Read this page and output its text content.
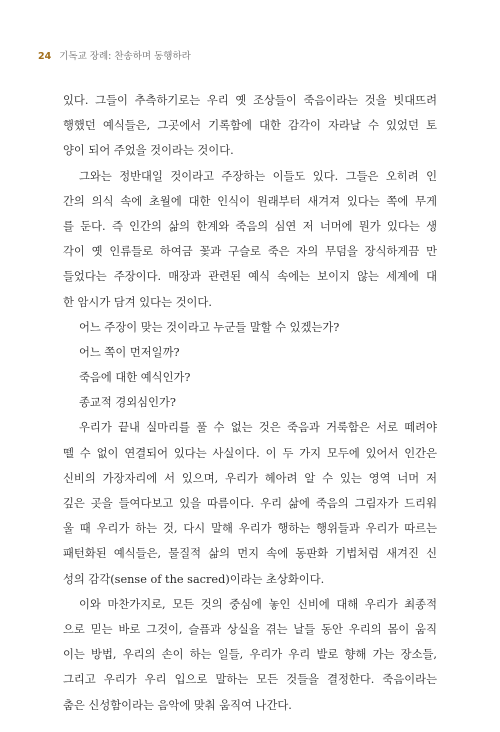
24 기독교 장례: 찬송하며 동행하라
있다. 그들이 추측하기로는 우리 옛 조상들이 죽음이라는 것을 빗대뜨려
행했던 예식들은, 그곳에서 기록함에 대한 감각이 자라날 수 있었던 토
양이 되어 주었을 것이라는 것이다.
그와는 정반대일 것이라고 주장하는 이들도 있다. 그들은 오히려 인
간의 의식 속에 초월에 대한 인식이 원래부터 새겨져 있다는 쪽에 무게
를 둔다. 즉 인간의 삶의 한계와 죽음의 심연 저 너머에 뭔가 있다는 생
각이 옛 인류들로 하여금 꽃과 구슬로 죽은 자의 무덤을 장식하게끔 만
들었다는 주장이다. 매장과 관련된 예식 속에는 보이지 않는 세계에 대
한 암시가 담겨 있다는 것이다.
어느 주장이 맞는 것이라고 누군들 말할 수 있겠는가?
어느 쪽이 먼저일까?
죽음에 대한 예식인가?
종교적 경외심인가?
우리가 끝내 실마리를 풀 수 없는 것은 죽음과 거룩함은 서로 떼려야
뗄 수 없이 연결되어 있다는 사실이다. 이 두 가지 모두에 있어서 인간은
신비의 가장자리에 서 있으며, 우리가 헤아려 알 수 있는 영역 너머 저
깊은 곳을 들여다보고 있을 따름이다. 우리 삶에 죽음의 그림자가 드리워
울 때 우리가 하는 것, 다시 말해 우리가 행하는 행위들과 우리가 따르는
패턴화된 예식들은, 물질적 삶의 먼지 속에 동판화 기법처럼 새겨진 신
성의 감각(sense of the sacred)이라는 초상화이다.
이와 마찬가지로, 모든 것의 중심에 놓인 신비에 대해 우리가 최종적
으로 믿는 바로 그것이, 슬픔과 상실을 겪는 날들 동안 우리의 몸이 움직
이는 방법, 우리의 손이 하는 일들, 우리가 우리 발로 향해 가는 장소들,
그리고 우리가 우리 입으로 말하는 모든 것들을 결정한다. 죽음이라는
춤은 신성함이라는 음악에 맞춰 움직여 나간다.
